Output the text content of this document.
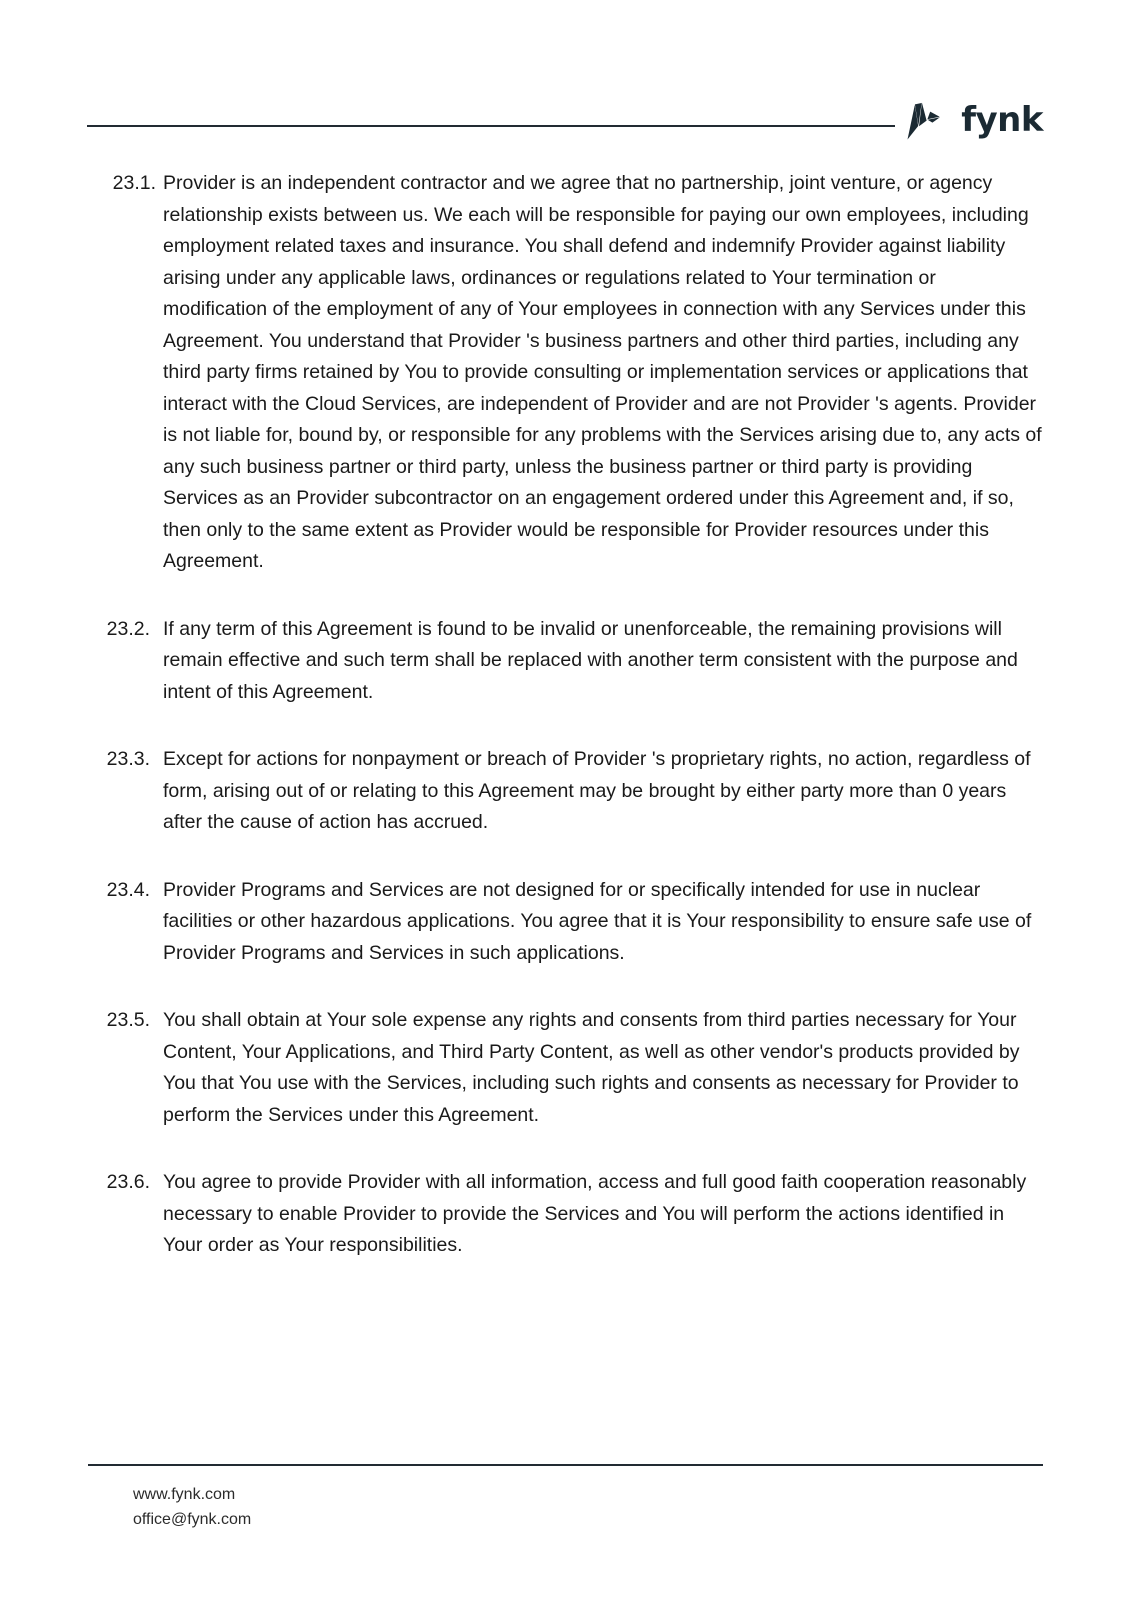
fynk
23.1. Provider is an independent contractor and we agree that no partnership, joint venture, or agency relationship exists between us. We each will be responsible for paying our own employees, including employment related taxes and insurance. You shall defend and indemnify Provider against liability arising under any applicable laws, ordinances or regulations related to Your termination or modification of the employment of any of Your employees in connection with any Services under this Agreement. You understand that Provider 's business partners and other third parties, including any third party firms retained by You to provide consulting or implementation services or applications that interact with the Cloud Services, are independent of Provider and are not Provider 's agents. Provider is not liable for, bound by, or responsible for any problems with the Services arising due to, any acts of any such business partner or third party, unless the business partner or third party is providing Services as an Provider subcontractor on an engagement ordered under this Agreement and, if so, then only to the same extent as Provider would be responsible for Provider resources under this Agreement.
23.2. If any term of this Agreement is found to be invalid or unenforceable, the remaining provisions will remain effective and such term shall be replaced with another term consistent with the purpose and intent of this Agreement.
23.3. Except for actions for nonpayment or breach of Provider 's proprietary rights, no action, regardless of form, arising out of or relating to this Agreement may be brought by either party more than 0 years after the cause of action has accrued.
23.4. Provider Programs and Services are not designed for or specifically intended for use in nuclear facilities or other hazardous applications. You agree that it is Your responsibility to ensure safe use of Provider Programs and Services in such applications.
23.5. You shall obtain at Your sole expense any rights and consents from third parties necessary for Your Content, Your Applications, and Third Party Content, as well as other vendor's products provided by You that You use with the Services, including such rights and consents as necessary for Provider to perform the Services under this Agreement.
23.6. You agree to provide Provider with all information, access and full good faith cooperation reasonably necessary to enable Provider to provide the Services and You will perform the actions identified in Your order as Your responsibilities.
www.fynk.com
office@fynk.com
